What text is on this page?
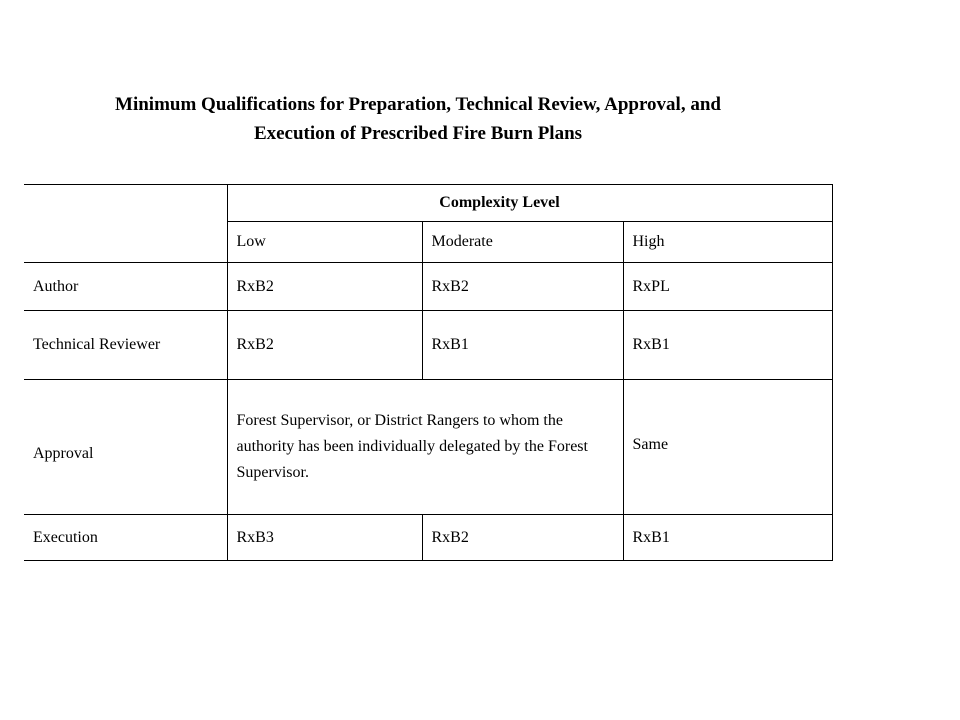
Minimum Qualifications for Preparation, Technical Review, Approval, and
Execution of Prescribed Fire Burn Plans
	Complexity Level		
	Low	Moderate	High
Author	RxB2	RxB2	RxPL
Technical Reviewer	RxB2	RxB1	RxB1
Approval	Forest Supervisor, or District Rangers to whom the authority has been individually delegated by the Forest Supervisor.		Same
Execution	RxB3	RxB2	RxB1
